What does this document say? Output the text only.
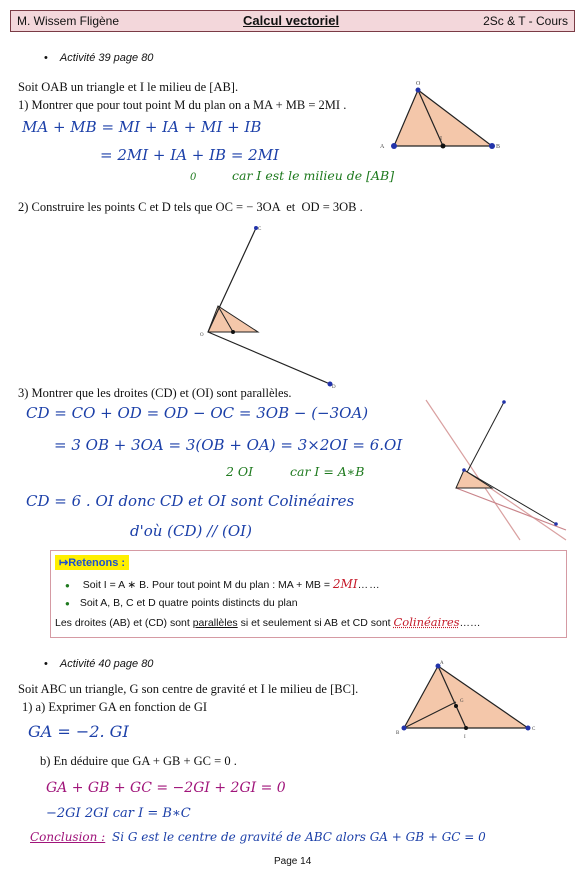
M. Wissem Fligène	Calcul vectoriel	2Sc & T - Cours
• Activité 39 page 80
Soit OAB un triangle et I le milieu de [AB].
1) Montrer que pour tout point M du plan on a MA + MB = 2MI .
MA + MB = MI + IA + MI + IB
= 2MI + IA + IB = 2MI
0	car I est le milieu de [AB]
2) Construire les points C et D tels que OC = − 3OA et OD = 3OB .
3) Montrer que les droites (CD) et (OI) sont parallèles.
CD = CO + OD = OD − OC = 3OB − (−3OA)
= 3 OB + 3OA = 3(OB + OA) = 3×2OI = 6.OI
2 OI	car I = A∗B
CD = 6 . OI donc CD et OI sont Colinéaires
d'où (CD) // (OI)
↦Retenons :
● Soit I = A ∗ B. Pour tout point M du plan : MA + MB = 2MI……
● Soit A, B, C et D quatre points distincts du plan
Les droites (AB) et (CD) sont parallèles si et seulement si AB et CD sont Colinéaires……
• Activité 40 page 80
Soit ABC un triangle, G son centre de gravité et I le milieu de [BC].
1) a) Exprimer GA en fonction de GI
GA = −2. GI
b) En déduire que GA + GB + GC = 0 .
GA + GB + GC = −2GI + 2GI = 0
−2GI 2GI car I = B∗C
Conclusion : Si G est le centre de gravité de ABC alors GA + GB + GC = 0
Page 14
O
A
I
B
C
D
O
A
B
C
G
I
